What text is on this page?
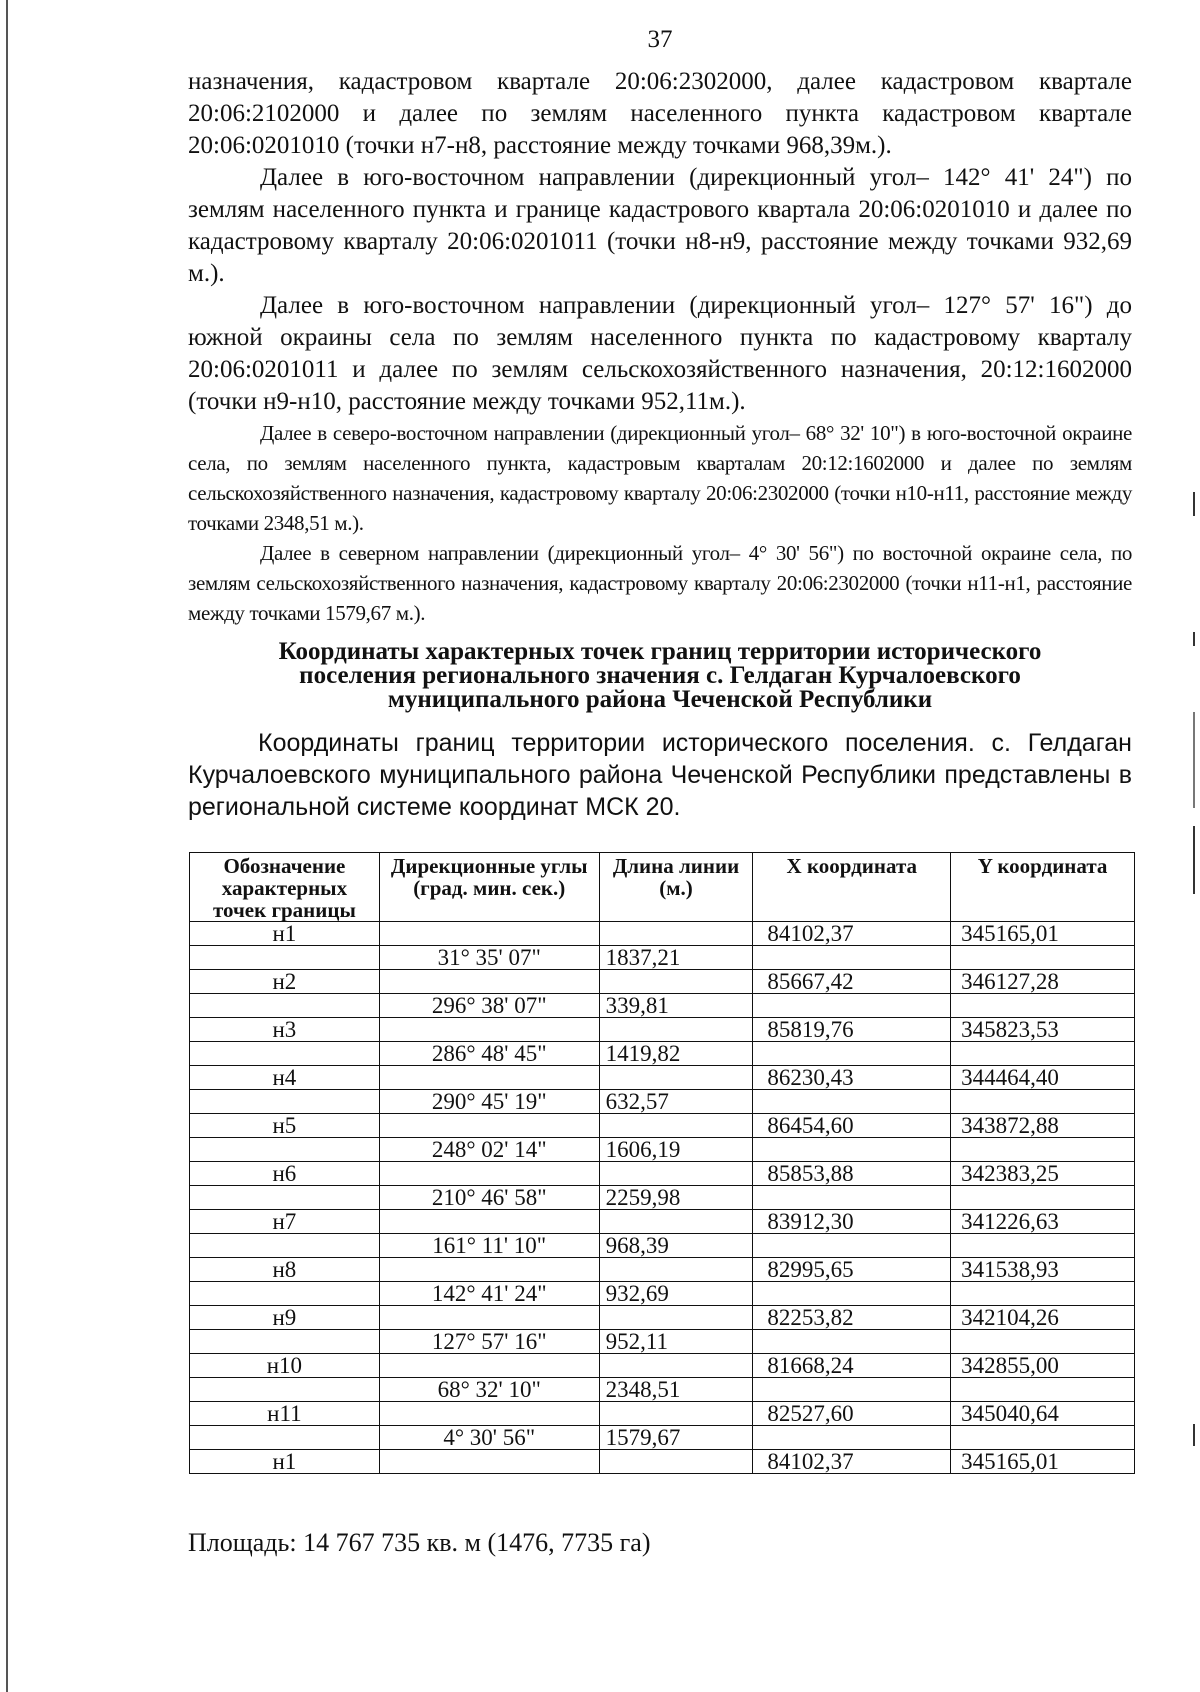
37

назначения, кадастровом квартале 20:06:2302000, далее кадастровом квартале 20:06:2102000 и далее по землям населенного пункта кадастровом квартале 20:06:0201010 (точки н7-н8, расстояние между точками 968,39м.).

Далее в юго-восточном направлении (дирекционный угол– 142° 41' 24") по землям населенного пункта и границе кадастрового квартала 20:06:0201010 и далее по кадастровому кварталу 20:06:0201011 (точки н8-н9, расстояние между точками 932,69 м.).

Далее в юго-восточном направлении (дирекционный угол– 127° 57' 16") до южной окраины села по землям населенного пункта по кадастровому кварталу 20:06:0201011 и далее по землям сельскохозяйственного назначения, 20:12:1602000 (точки н9-н10, расстояние между точками 952,11м.).

Далее в северо-восточном направлении (дирекционный угол– 68° 32' 10") в юго-восточной окраине села, по землям населенного пункта, кадастровым кварталам 20:12:1602000 и далее по землям сельскохозяйственного назначения, кадастровому кварталу 20:06:2302000 (точки н10-н11, расстояние между точками 2348,51 м.).

Далее в северном направлении (дирекционный угол– 4° 30' 56") по восточной окраине села, по землям сельскохозяйственного назначения, кадастровому кварталу 20:06:2302000 (точки н11-н1, расстояние между точками 1579,67 м.).

Координаты характерных точек границ территории исторического
поселения регионального значения с. Гелдаган Курчалоевского
муниципального района Чеченской Республики

Координаты границ территории исторического поселения. с. Гелдаган Курчалоевского муниципального района Чеченской Республики представлены в региональной системе координат МСК 20.

Обозначение характерных точек границы	Дирекционные углы (град. мин. сек.)	Длина линии (м.)	X координата	Y координата
н1			84102,37	345165,01
	31° 35' 07"	1837,21		
н2			85667,42	346127,28
	296° 38' 07"	339,81		
н3			85819,76	345823,53
	286° 48' 45"	1419,82		
н4			86230,43	344464,40
	290° 45' 19"	632,57		
н5			86454,60	343872,88
	248° 02' 14"	1606,19		
н6			85853,88	342383,25
	210° 46' 58"	2259,98		
н7			83912,30	341226,63
	161° 11' 10"	968,39		
н8			82995,65	341538,93
	142° 41' 24"	932,69		
н9			82253,82	342104,26
	127° 57' 16"	952,11		
н10			81668,24	342855,00
	68° 32' 10"	2348,51		
н11			82527,60	345040,64
	4° 30' 56"	1579,67		
н1			84102,37	345165,01
Площадь: 14 767 735 кв. м (1476, 7735 га)
